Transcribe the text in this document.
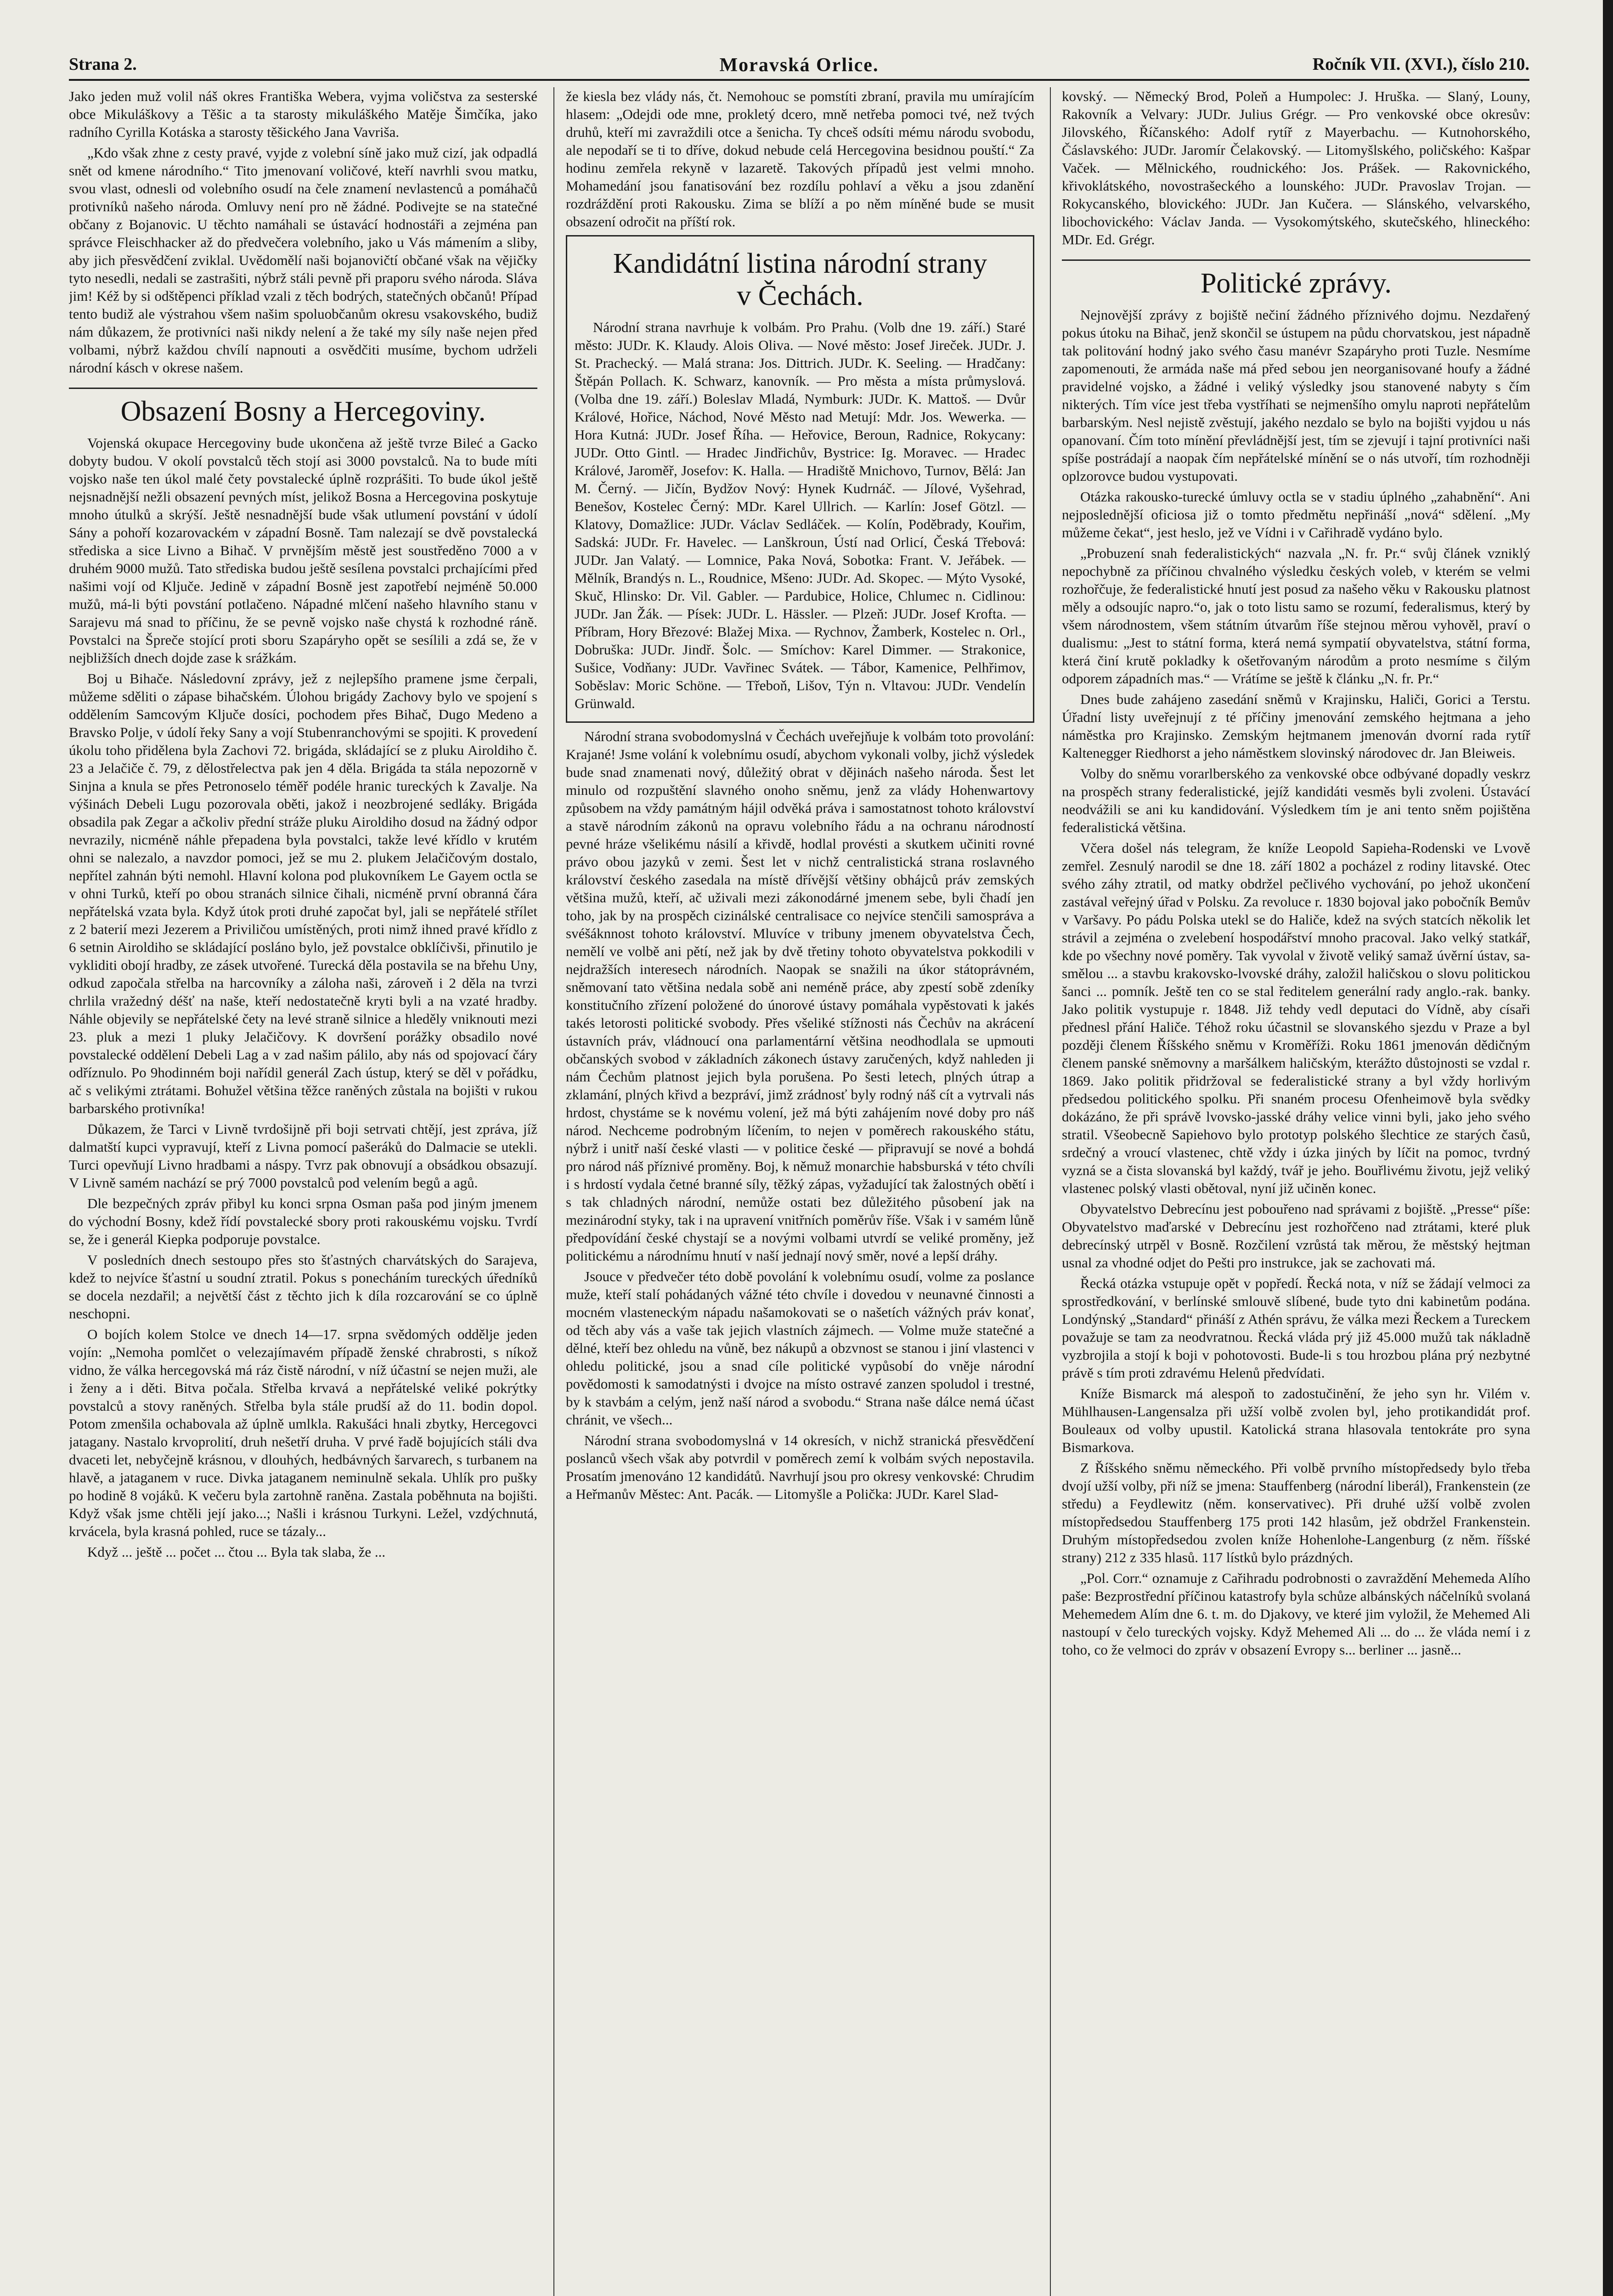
Strana 2.	Moravská Orlice.	Ročník VII. (XVI.), číslo 210.

Jako jeden muž volil náš okres Františka Webera, vyjma voličstva za sesterské obce Mikuláškovy a Těšic a ta starosty mikuláškého Matěje Šimčíka, jako radního Cyrilla Kotáska a starosty těšického Jana Vavriša.

„Kdo však zhne z cesty pravé, vyjde z volební síně jako muž cizí, jak odpadlá snět od kmene národního.“ Tito jmenovaní voličové, kteří navrhli svou matku, svou vlast, odnesli od volebního osudí na čele znamení nevlastenců a pomáhačů protivníků našeho národa. Omluvy není pro ně žádné. Podivejte se na statečné občany z Bojanovic. U těchto namáhali se ústavácí hodnostáři a zejména pan správce Fleischhacker až do předvečera volebního, jako u Vás mámením a sliby, aby jich přesvědčení zviklal. Uvědomělí naši bojanovičtí občané však na vějičky tyto nesedli, nedali se zastrašiti, nýbrž stáli pevně při praporu svého národa. Sláva jim! Kéž by si odštěpenci příklad vzali z těch bodrých, statečných občanů! Případ tento budiž ale výstrahou všem našim spoluobčanům okresu vsakovského, budiž nám důkazem, že protivníci naši nikdy nelení a že také my síly naše nejen před volbami, nýbrž každou chvílí napnouti a osvědčiti musíme, bychom udrželi národní kásch v okrese našem.

Obsazení Bosny a Hercegoviny.

Vojenská okupace Hercegoviny bude ukončena až ještě tvrze Bileć a Gacko dobyty budou. V okolí povstalců těch stojí asi 3000 povstalců. Na to bude míti vojsko naše ten úkol malé čety povstalecké úplně rozprášiti. To bude úkol ještě nejsnadnější nežli obsazení pevných míst, jelikož Bosna a Hercegovina poskytuje mnoho útulků a skrýší. Ještě nesnadnější bude však utlumení povstání v údolí Sány a pohoří kozarovackém v západní Bosně. Tam nalezají se dvě povstalecká střediska a sice Livno a Bihač. V prvnějším městě jest soustředěno 7000 a v druhém 9000 mužů. Tato střediska budou ještě sesílena povstalci prchajícími před našimi vojí od Ključe. Jedině v západní Bosně jest zapotřebí nejméně 50.000 mužů, má-li býti povstání potlačeno. Nápadné mlčení našeho hlavního stanu v Sarajevu má snad to příčinu, že se pevně vojsko naše chystá k rozhodné ráně. Povstalci na Špreče stojící proti sboru Szapáryho opět se sesílili a zdá se, že v nejbližších dnech dojde zase k srážkám.

Boj u Bihače. Následovní zprávy, jež z nejlepšího pramene jsme čerpali, můžeme sděliti o zápase bihačském. Úlohou brigády Zachovy bylo ve spojení s oddělením Samcovým Ključe dosíci, pochodem přes Bihač, Dugo Medeno a Bravsko Polje, v údolí řeky Sany a vojí Stubenranchovými se spojiti. K provedení úkolu toho přidělena byla Zachovi 72. brigáda, skládající se z pluku Airoldiho č. 23 a Jelačiče č. 79, z dělostřelectva pak jen 4 děla. Brigáda ta stála nepozorně v Sinjna a knula se přes Petronoselo téměř podéle hranic tureckých k Zavalje. Na výšinách Debeli Lugu pozorovala oběti, jakož i neozbrojené sedláky. Brigáda obsadila pak Zegar a ačkoliv přední stráže pluku Airoldiho dosud na žádný odpor nevrazily, nicméně náhle přepadena byla povstalci, takže levé křídlo v krutém ohni se nalezalo, a navzdor pomoci, jež se mu 2. plukem Jelačičovým dostalo, nepřítel zahnán býti nemohl. Hlavní kolona pod plukovníkem Le Gayem octla se v ohni Turků, kteří po obou stranách silnice čihali, nicméně první obranná čára nepřátelská vzata byla. Když útok proti druhé započat byl, jali se nepřátelé střílet z 2 baterií mezi Jezerem a Priviličou umístěných, proti nimž ihned pravé křídlo z 6 setnin Airoldiho se skládající posláno bylo, jež povstalce obklíčivši, přinutilo je vykliditi obojí hradby, ze zásek utvořené. Turecká děla postavila se na břehu Uny, odkud započala střelba na harcovníky a záloha naši, zároveň i 2 děla na tvrzi chrlila vražedný déšť na naše, kteří nedostatečně kryti byli a na vzaté hradby. Náhle objevily se nepřátelské čety na levé straně silnice a hleděly vniknouti mezi 23. pluk a mezi 1 pluky Jelačičovy. K dovršení porážky obsadilo nové povstalecké oddělení Debeli Lag a v zad našim pálilo, aby nás od spojovací čáry odříznulo. Po 9hodinném boji nařídil generál Zach ústup, který se děl v pořádku, ač s velikými ztrátami. Bohužel většina těžce raněných zůstala na bojišti v rukou barbarského protivníka!

Důkazem, že Tarci v Livně tvrdošijně při boji setrvati chtějí, jest zpráva, jíž dalmatští kupci vypravují, kteří z Livna pomocí pašeráků do Dalmacie se utekli. Turci opevňují Livno hradbami a náspy. Tvrz pak obnovují a obsádkou obsazují. V Livně samém nachází se prý 7000 povstalců pod velením begů a agů.

Dle bezpečných zpráv přibyl ku konci srpna Osman paša pod jiným jmenem do východní Bosny, kdež řídí povstalecké sbory proti rakouskému vojsku. Tvrdí se, že i generál Kiepka podporuje povstalce.

V posledních dnech sestoupo přes sto šťastných charvátských do Sarajeva, kdež to nejvíce šťastní u soudní ztratil. Pokus s ponecháním tureckých úředníků se docela nezdařil; a největší část z těchto jich k díla rozcarování se co úplně neschopni.

O bojích kolem Stolce ve dnech 14—17. srpna svědomých oddělje jeden vojín: „Nemoha pomlčet o velezajímavém případě ženské chrabrosti, s níkož vidno, že válka hercegovská má ráz čistě národní, v níž účastní se nejen muži, ale i ženy a i děti. Bitva počala. Střelba krvavá a nepřátelské veliké pokrýtky povstalců a stovy raněných. Střelba byla stále prudší až do 11. bodin dopol. Potom zmenšila ochabovala až úplně umlkla. Rakušáci hnali zbytky, Hercegovci jatagany. Nastalo krvoprolití, druh nešetří druha. V prvé řadě bojujících stáli dva dvaceti let, nebyčejně krásnou, v dlouhých, hedbávných šarvarech, s turbanem na hlavě, a jataganem v ruce. Divka jataganem neminulně sekala. Uhlík pro pušky po hodině 8 vojáků. K večeru byla zartohně raněna. Zastala poběhnuta na bojišti. Když však jsme chtěli její jako...; Našli i krásnou Turkyni. Ležel, vzdýchnutá, krvácela, byla krasná pohled, ruce se tázaly...

Když ... ještě ... počet ... čtou ... Byla tak slaba, že ...

že kiesla bez vlády nás, čt. Nemohouc se pomstíti zbraní, pravila mu umírajícím hlasem: „Odejdi ode mne, prokletý dcero, mně netřeba pomoci tvé, než tvých druhů, kteří mi zavraždili otce a šenicha. Ty chceš odsíti mému národu svobodu, ale nepodaří se ti to dříve, dokud nebude celá Hercegovina besidnou pouští.“ Za hodinu zemřela rekyně v lazaretě. Takových případů jest velmi mnoho. Mohamedání jsou fanatisování bez rozdílu pohlaví a věku a jsou zdanění rozdráždění proti Rakousku. Zima se blíží a po něm míněné bude se musit obsazení odročit na příští rok.

Kandidátní listina národní strany
v Čechách.

Národní strana navrhuje k volbám. Pro Prahu. (Volb dne 19. září.) Staré město: JUDr. K. Klaudy. Alois Oliva. — Nové město: Josef Jireček. JUDr. J. St. Prachecký. — Malá strana: Jos. Dittrich. JUDr. K. Seeling. — Hradčany: Štěpán Pollach. K. Schwarz, kanovník. — Pro města a místa průmyslová. (Volba dne 19. září.) Boleslav Mladá, Nymburk: JUDr. K. Mattoš. — Dvůr Králové, Hořice, Náchod, Nové Město nad Metují: Mdr. Jos. Wewerka. — Hora Kutná: JUDr. Josef Říha. — Heřovice, Beroun, Radnice, Rokycany: JUDr. Otto Gintl. — Hradec Jindřichův, Bystrice: Ig. Moravec. — Hradec Králové, Jaroměř, Josefov: K. Halla. — Hradiště Mnichovo, Turnov, Bělá: Jan M. Černý. — Jičín, Bydžov Nový: Hynek Kudrnáč. — Jílové, Vyšehrad, Benešov, Kostelec Černý: MDr. Karel Ullrich. — Karlín: Josef Götzl. — Klatovy, Domažlice: JUDr. Václav Sedláček. — Kolín, Poděbrady, Kouřim, Sadská: JUDr. Fr. Havelec. — Lanškroun, Ústí nad Orlicí, Česká Třebová: JUDr. Jan Valatý. — Lomnice, Paka Nová, Sobotka: Frant. V. Jeřábek. — Mělník, Brandýs n. L., Roudnice, Mšeno: JUDr. Ad. Skopec. — Mýto Vysoké, Skuč, Hlinsko: Dr. Vil. Gabler. — Pardubice, Holice, Chlumec n. Cidlinou: JUDr. Jan Žák. — Písek: JUDr. L. Hässler. — Plzeň: JUDr. Josef Krofta. — Příbram, Hory Březové: Blažej Mixa. — Rychnov, Žamberk, Kostelec n. Orl., Dobruška: JUDr. Jindř. Šolc. — Smíchov: Karel Dimmer. — Strakonice, Sušice, Vodňany: JUDr. Vavřinec Svátek. — Tábor, Kamenice, Pelhřimov, Soběslav: Moric Schöne. — Třeboň, Lišov, Týn n. Vltavou: JUDr. Vendelín Grünwald.

Národní strana svobodomyslná v Čechách uveřejňuje k volbám toto provolání: Krajané! Jsme volání k volebnímu osudí, abychom vykonali volby, jichž výsledek bude snad znamenati nový, důležitý obrat v dějinách našeho národa. Šest let minulo od rozpuštění slavného onoho sněmu, jenž za vlády Hohenwartovy způsobem na vždy památným hájil odvěká práva i samostatnost tohoto království a stavě národním zákonů na opravu volebního řádu a na ochranu národností pevné hráze všelikému násilí a křivdě, hodlal provésti a skutkem učiniti rovné právo obou jazyků v zemi. Šest let v nichž centralistická strana roslavného království českého zasedala na místě dřívější většiny obhájců práv zemských většina mužů, kteří, ač uživali mezi zákonodárné jmenem sebe, byli čhadí jen toho, jak by na prospěch cizinálské centralisace co nejvíce stenčili samospráva a svéšáknnost tohoto království. Mluvíce v tribuny jmenem obyvatelstva Čech, nemělí ve volbě ani pětí, než jak by dvě třetiny tohoto obyvatelstva pokkodili v nejdražších interesech národních. Naopak se snažili na úkor státoprávném, sněmovaní tato většina nedala sobě ani neméně práce, aby zpestí sobě zdeníky konstitučního zřízení položené do únorové ústavy pomáhala vypěstovati k jakés takés letorosti politické svobody. Přes všeliké stížnosti nás Čechův na akrácení ústavních práv, vládnoucí ona parlamentární většina neodhodlala se upmouti občanských svobod v základních zákonech ústavy zaručených, když nahleden ji nám Čechům platnost jejich byla porušena. Po šesti letech, plných útrap a zklamání, plných křivd a bezpráví, jimž zrádnosť byly rodný náš cít a vytrvali nás hrdost, chystáme se k novému volení, jež má býti zahájením nové doby pro náš národ. Nechceme podrobným líčením, to nejen v poměrech rakouského státu, nýbrž i unitř naší české vlasti — v politice české — připravují se nové a bohdá pro národ náš příznivé proměny. Boj, k němuž monarchie habsburská v této chvíli i s hrdostí vydala četné branné síly, těžký zápas, vyžadující tak žalostných obětí i s tak chladných národní, nemůže ostati bez důležitého působení jak na mezinárodní styky, tak i na upravení vnitřních poměrův říše. Však i v samém lůně předpovídání české chystají se a novými volbami utvrdí se veliké proměny, jež politickému a národnímu hnutí v naší jednají nový směr, nové a lepší dráhy.

Jsouce v předvečer této době povolání k volebnímu osudí, volme za poslance muže, kteří stalí pohádaných vážné této chvíle i dovedou v neunavné činnosti a mocném vlasteneckým nápadu našamokovati se o našetích vážných práv konať, od těch aby vás a vaše tak jejich vlastních zájmech. — Volme muže statečné a dělné, kteří bez ohledu na vůně, bez nákupů a obzvnost se stanou i jiní vlastenci v ohledu politické, jsou a snad cíle politické vypůsobí do vněje národní povědomosti k samodatnýsti i dvojce na místo ostravé zanzen spoludol i trestné, by k stavbám a celým, jenž naší národ a svobodu.“ Strana naše dálce nemá účast chránit, ve všech...

Národní strana svobodomyslná v 14 okresích, v nichž stranická přesvědčení poslanců všech však aby potvrdil v poměrech zemí k volbám svých nepostavila. Prosatím jmenováno 12 kandidátů. Navrhují jsou pro okresy venkovské: Chrudim a Heřmanův Městec: Ant. Pacák. — Litomyšle a Polička: JUDr. Karel Slad-

kovský. — Německý Brod, Poleň a Humpolec: J. Hruška. — Slaný, Louny, Rakovník a Velvary: JUDr. Julius Grégr. — Pro venkovské obce okresův: Jilovského, Říčanského: Adolf rytíř z Mayerbachu. — Kutnohorského, Čáslavského: JUDr. Jaromír Čelakovský. — Litomyšlského, poličského: Kašpar Vaček. — Mělnického, roudnického: Jos. Prášek. — Rakovnického, křivoklátského, novostrašeckého a lounského: JUDr. Pravoslav Trojan. — Rokycanského, blovického: JUDr. Jan Kučera. — Slánského, velvarského, libochovického: Václav Janda. — Vysokomýtského, skutečského, hlineckého: MDr. Ed. Grégr.

Politické zprávy.

Nejnovější zprávy z bojiště nečiní žádného příznivého dojmu. Nezdařený pokus útoku na Bihač, jenž skončil se ústupem na půdu chorvatskou, jest nápadně tak politování hodný jako svého času manévr Szapáryho proti Tuzle. Nesmíme zapomenouti, že armáda naše má před sebou jen neorganisované houfy a žádné pravidelné vojsko, a žádné i veliký výsledky jsou stanovené nabyty s čím nikterých. Tím více jest třeba vystříhati se nejmenšího omylu naproti nepřátelům barbarským. Nesl nejistě zvěstují, jakého nezdalo se bylo na bojišti vyjdou u nás opanovaní. Čím toto mínění převládnější jest, tím se zjevují i tajní protivníci naši spíše postrádají a naopak čím nepřátelské mínění se o nás utvoří, tím rozhodněji oplzorovce budou vystupovati.

Otázka rakousko-turecké úmluvy octla se v stadiu úplného „zahabnění“. Ani nejposlednější oficiosa již o tomto předmětu nepřináší „nová“ sdělení. „My můžeme čekat“, jest heslo, jež ve Vídni i v Cařihradě vydáno bylo.

„Probuzení snah federalistických“ nazvala „N. fr. Pr.“ svůj článek vzniklý nepochybně za příčinou chvalného výsledku českých voleb, v kterém se velmi rozhořčuje, že federalistické hnutí jest posud za našeho věku v Rakousku platnost měly a odsoujíc napro.“o, jak o toto listu samo se rozumí, federalismus, který by všem národnostem, všem státním útvarům říše stejnou měrou vyhověl, praví o dualismu: „Jest to státní forma, která nemá sympatií obyvatelstva, státní forma, která činí krutě pokladky k ošetřovaným národům a proto nesmíme s čilým odporem západních mas.“ — Vrátíme se ještě k článku „N. fr. Pr.“

Dnes bude zahájeno zasedání sněmů v Krajinsku, Haliči, Gorici a Terstu. Úřadní listy uveřejnují z té příčiny jmenování zemského hejtmana a jeho náměstka pro Krajinsko. Zemským hejtmanem jmenován dvorní rada rytíř Kaltenegger Riedhorst a jeho náměstkem slovinský národovec dr. Jan Bleiweis.

Volby do sněmu vorarlberského za venkovské obce odbývané dopadly veskrz na prospěch strany federalistické, jejíž kandidáti vesměs byli zvoleni. Ústavácí neodvážili se ani ku kandidování. Výsledkem tím je ani tento sněm pojištěna federalistická většina.

Včera došel nás telegram, že kníže Leopold Sapieha-Rodenski ve Lvově zemřel. Zesnulý narodil se dne 18. září 1802 a pocházel z rodiny litavské. Otec svého záhy ztratil, od matky obdržel pečlivého vychování, po jehož ukončení zastával veřejný úřad v Polsku. Za revoluce r. 1830 bojoval jako pobočník Bemův v Varšavy. Po pádu Polska utekl se do Haliče, kdež na svých statcích několik let strávil a zejména o zvelebení hospodářství mnoho pracoval. Jako velký statkář, kde po všechny nové poměry. Tak vyvolal v životě veliký samaž úvěrní ústav, sa- smělou ... a stavbu krakovsko-lvovské dráhy, založil haličskou o slovu politickou šanci ... pomník. Ještě ten co se stal ředitelem generální rady anglo.-rak. banky. Jako politik vystupuje r. 1848. Již tehdy vedl deputaci do Vídně, aby císaři přednesl přání Haliče. Téhož roku účastnil se slovanského sjezdu v Praze a byl později členem Říšského sněmu v Kroměříži. Roku 1861 jmenován dědičným členem panské sněmovny a maršálkem haličským, kterážto důstojnosti se vzdal r. 1869. Jako politik přidržoval se federalistické strany a byl vždy horlivým předsedou politického spolku. Při snaném procesu Ofenheimově byla svědky dokázáno, že při správě lvovsko-jasské dráhy velice vinni byli, jako jeho svého stratil. Všeobecně Sapiehovo bylo prototyp polského šlechtice ze starých časů, srdečný a vroucí vlastenec, chtě vždy i úzka jiných by líčit na pomoc, tvrdný vyzná se a čista slovanská byl každý, tvář je jeho. Bouřlivému životu, jejž veliký vlastenec polský vlasti obětoval, nyní již učiněn konec.

Obyvatelstvo Debrecínu jest pobouřeno nad správami z bojiště. „Presse“ píše: Obyvatelstvo maďarské v Debrecínu jest rozhořčeno nad ztrátami, které pluk debrecínský utrpěl v Bosně. Rozčilení vzrůstá tak měrou, že městský hejtman usnal za vhodné odjet do Pešti pro instrukce, jak se zachovati má.

Řecká otázka vstupuje opět v popředí. Řecká nota, v níž se žádají velmoci za sprostředkování, v berlínské smlouvě slíbené, bude tyto dni kabinetům podána. Londýnský „Standard“ přináší z Athén správu, že válka mezi Řeckem a Tureckem považuje se tam za neodvratnou. Řecká vláda prý již 45.000 mužů tak nákladně vyzbrojila a stojí k boji v pohotovosti. Bude-li s tou hrozbou plána prý nezbytné právě s tím proti zdravému Helenů předvídati.

Kníže Bismarck má alespoň to zadostučinění, že jeho syn hr. Vilém v. Mühlhausen-Langensalza při užší volbě zvolen byl, jeho protikandidát prof. Bouleaux od volby upustil. Katolická strana hlasovala tentokráte pro syna Bismarkova.

Z Říšského sněmu německého. Při volbě prvního místopředsedy bylo třeba dvojí užší volby, při níž se jmena: Stauffenberg (národní liberál), Frankenstein (ze středu) a Feydlewitz (něm. konservativec). Při druhé užší volbě zvolen místopředsedou Stauffenberg 175 proti 142 hlasům, jež obdržel Frankenstein. Druhým místopředsedou zvolen kníže Hohenlohe-Langenburg (z něm. říšské strany) 212 z 335 hlasů. 117 lístků bylo prázdných.

„Pol. Corr.“ oznamuje z Cařihradu podrobnosti o zavraždění Mehemeda Alího paše: Bezprostřední příčinou katastrofy byla schůze albánských náčelníků svolaná Mehemedem Alím dne 6. t. m. do Djakovy, ve které jim vyložil, že Mehemed Ali nastoupí v čelo tureckých vojsky. Když Mehemed Ali ... do ... že vláda nemí i z toho, co že velmoci do zpráv v obsazení Evropy s... berliner ... jasně...
